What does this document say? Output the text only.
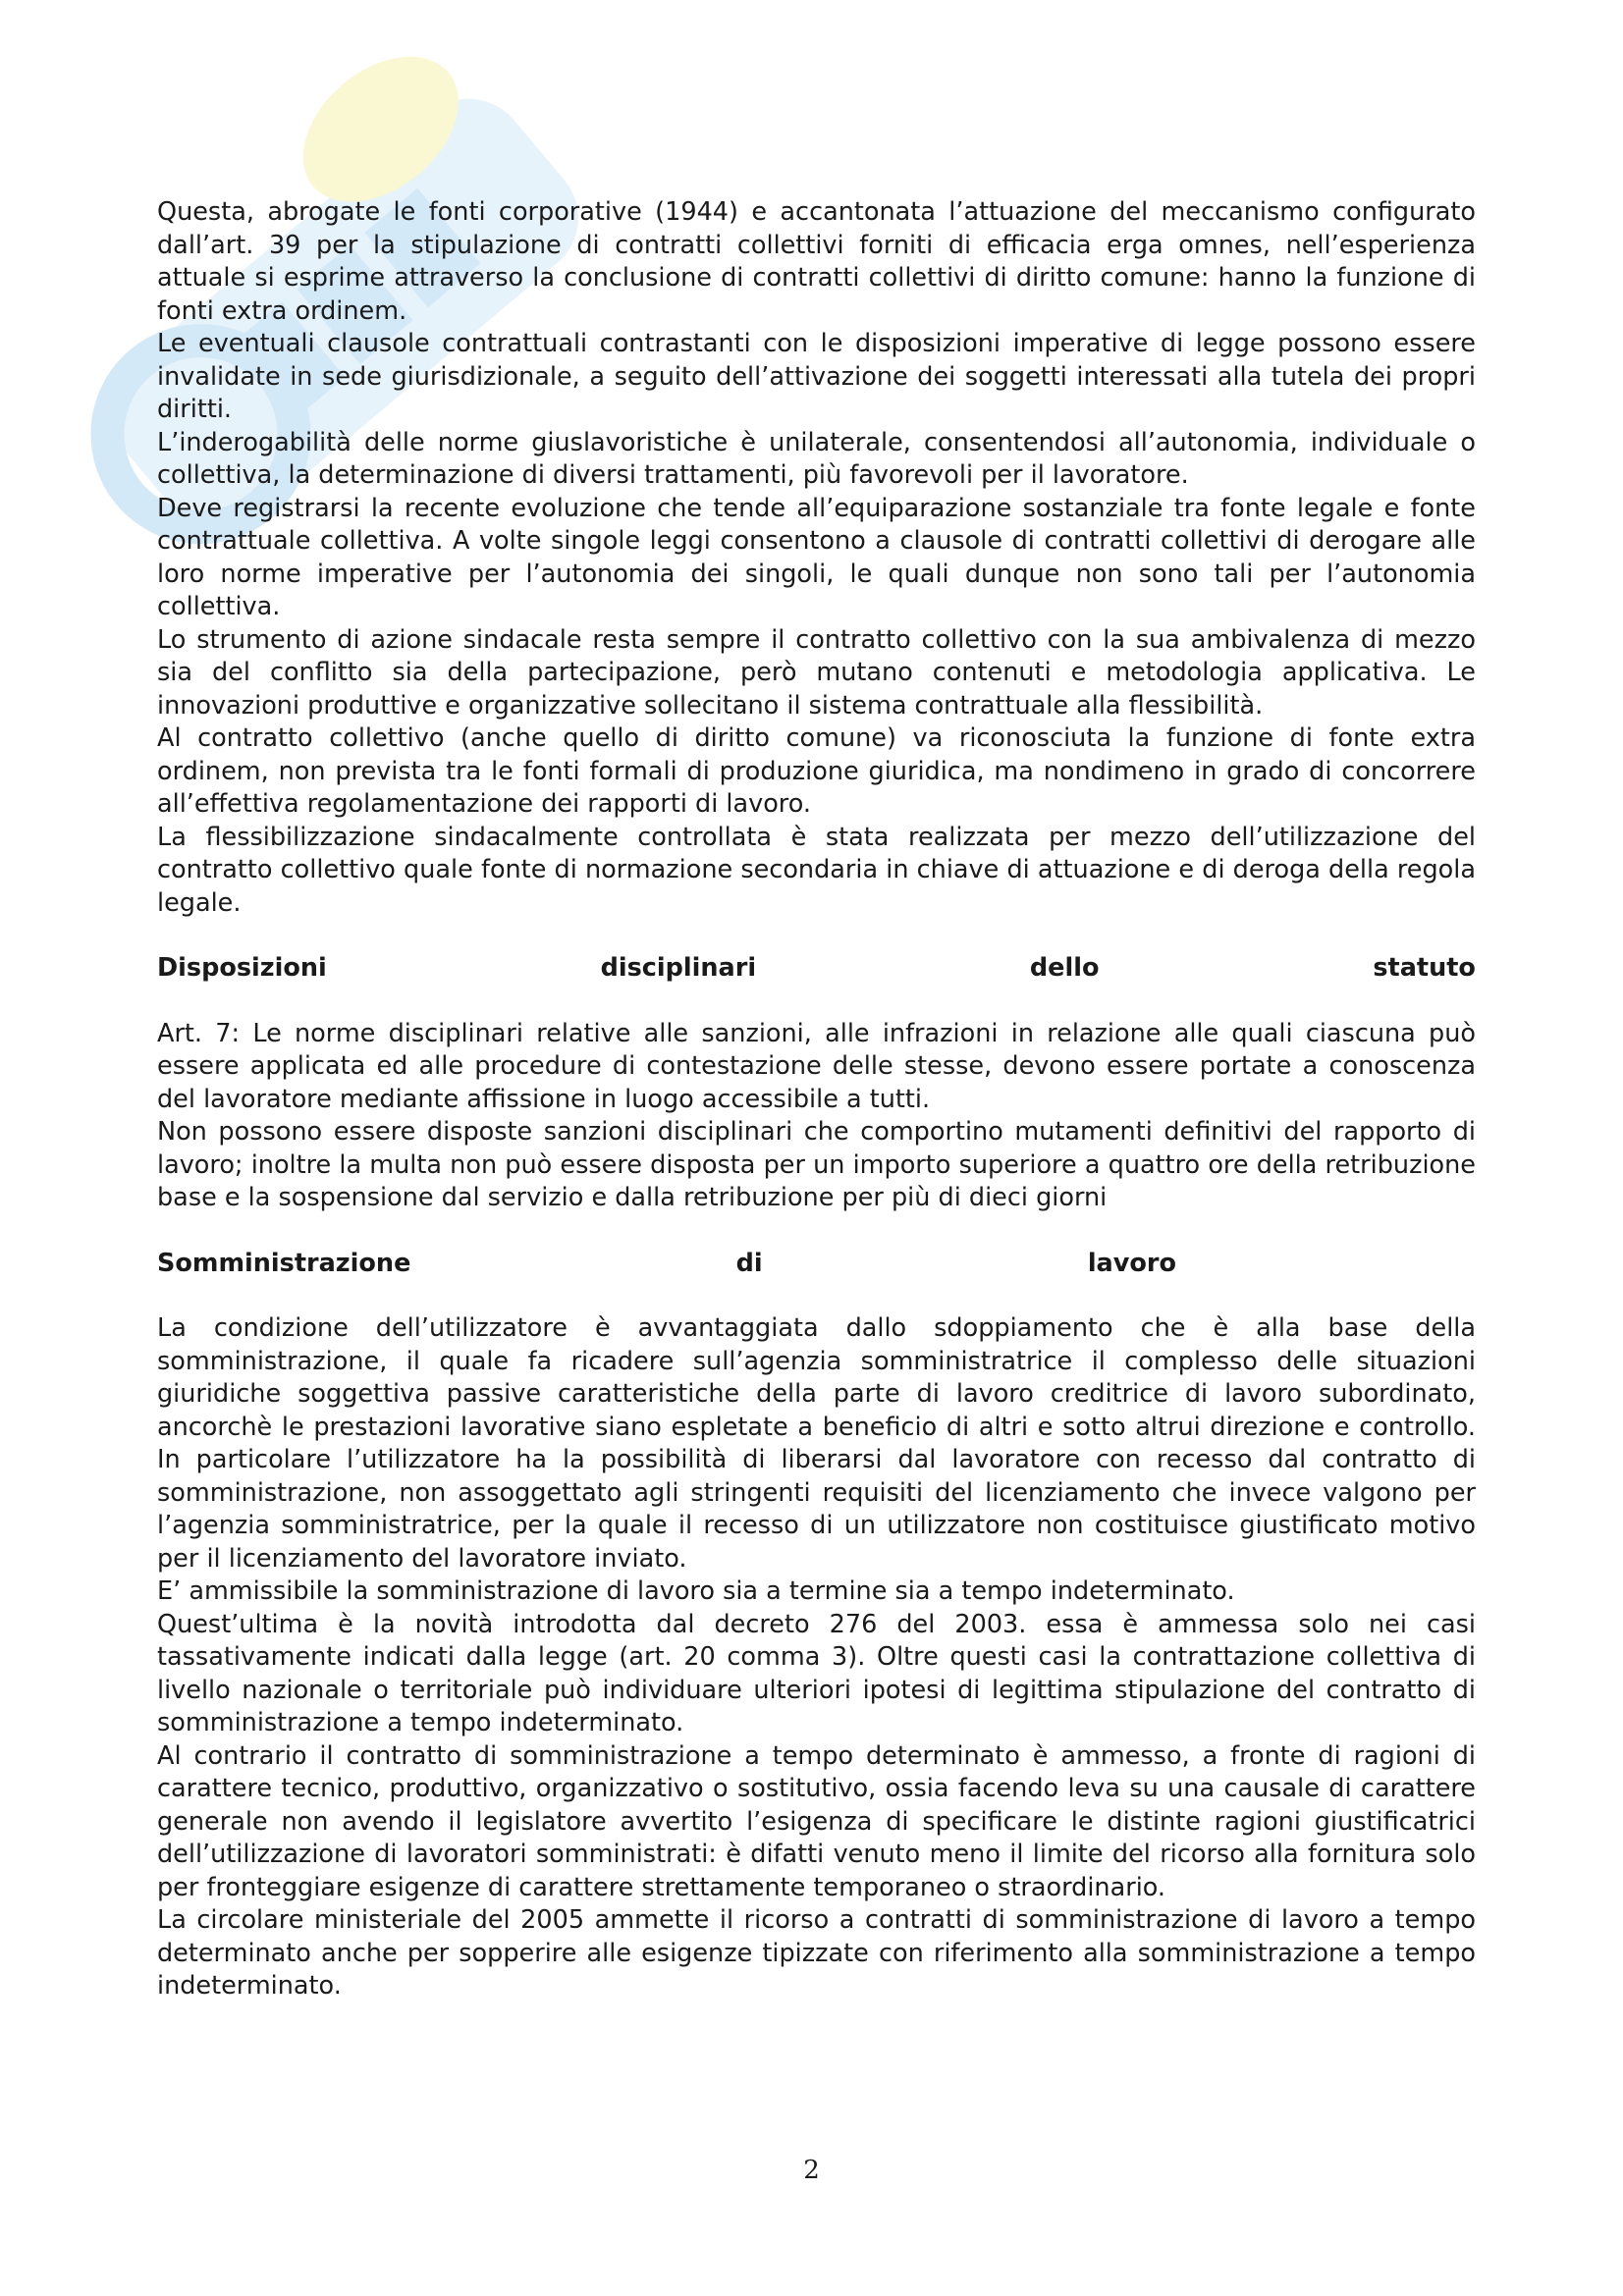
Questa, abrogate le fonti corporative (1944) e accantonata l’attuazione del meccanismo configurato dall’art. 39 per la stipulazione di contratti collettivi forniti di efficacia erga omnes, nell’esperienza attuale si esprime attraverso la conclusione di contratti collettivi di diritto comune: hanno la funzione di fonti extra ordinem.

Le eventuali clausole contrattuali contrastanti con le disposizioni imperative di legge possono essere invalidate in sede giurisdizionale, a seguito dell’attivazione dei soggetti interessati alla tutela dei propri diritti.

L’inderogabilità delle norme giuslavoristiche è unilaterale, consentendosi all’autonomia, individuale o collettiva, la determinazione di diversi trattamenti, più favorevoli per il lavoratore.

Deve registrarsi la recente evoluzione che tende all’equiparazione sostanziale tra fonte legale e fonte contrattuale collettiva. A volte singole leggi consentono a clausole di contratti collettivi di derogare alle loro norme imperative per l’autonomia dei singoli, le quali dunque non sono tali per l’autonomia collettiva.

Lo strumento di azione sindacale resta sempre il contratto collettivo con la sua ambivalenza di mezzo sia del conflitto sia della partecipazione, però mutano contenuti e metodologia applicativa. Le innovazioni produttive e organizzative sollecitano il sistema contrattuale alla flessibilità.

Al contratto collettivo (anche quello di diritto comune) va riconosciuta la funzione di fonte extra ordinem, non prevista tra le fonti formali di produzione giuridica, ma nondimeno in grado di concorrere all’effettiva regolamentazione dei rapporti di lavoro.

La flessibilizzazione sindacalmente controllata è stata realizzata per mezzo dell’utilizzazione del contratto collettivo quale fonte di normazione secondaria in chiave di attuazione e di deroga della regola legale.

Disposizioni	disciplinari	dello	statuto

Art. 7: Le norme disciplinari relative alle sanzioni, alle infrazioni in relazione alle quali ciascuna può essere applicata ed alle procedure di contestazione delle stesse, devono essere portate a conoscenza del lavoratore mediante affissione in luogo accessibile a tutti.

Non possono essere disposte sanzioni disciplinari che comportino mutamenti definitivi del rapporto di lavoro; inoltre la multa non può essere disposta per un importo superiore a quattro ore della retribuzione base e la sospensione dal servizio e dalla retribuzione per più di dieci giorni

Somministrazione	di	lavoro

La condizione dell’utilizzatore è avvantaggiata dallo sdoppiamento che è alla base della somministrazione, il quale fa ricadere sull’agenzia somministratrice il complesso delle situazioni giuridiche soggettiva passive caratteristiche della parte di lavoro creditrice di lavoro subordinato, ancorchè le prestazioni lavorative siano espletate a beneficio di altri e sotto altrui direzione e controllo. In particolare l’utilizzatore ha la possibilità di liberarsi dal lavoratore con recesso dal contratto di somministrazione, non assoggettato agli stringenti requisiti del licenziamento che invece valgono per l’agenzia somministratrice, per la quale il recesso di un utilizzatore non costituisce giustificato motivo per il licenziamento del lavoratore inviato.

E’ ammissibile la somministrazione di lavoro sia a termine sia a tempo indeterminato.

Quest’ultima è la novità introdotta dal decreto 276 del 2003. essa è ammessa solo nei casi tassativamente indicati dalla legge (art. 20 comma 3). Oltre questi casi la contrattazione collettiva di livello nazionale o territoriale può individuare ulteriori ipotesi di legittima stipulazione del contratto di somministrazione a tempo indeterminato.

Al contrario il contratto di somministrazione a tempo determinato è ammesso, a fronte di ragioni di carattere tecnico, produttivo, organizzativo o sostitutivo, ossia facendo leva su una causale di carattere generale non avendo il legislatore avvertito l’esigenza di specificare le distinte ragioni giustificatrici dell’utilizzazione di lavoratori somministrati: è difatti venuto meno il limite del ricorso alla fornitura solo per fronteggiare esigenze di carattere strettamente temporaneo o straordinario.

La circolare ministeriale del 2005 ammette il ricorso a contratti di somministrazione di lavoro a tempo determinato anche per sopperire alle esigenze tipizzate con riferimento alla somministrazione a tempo indeterminato.

2
